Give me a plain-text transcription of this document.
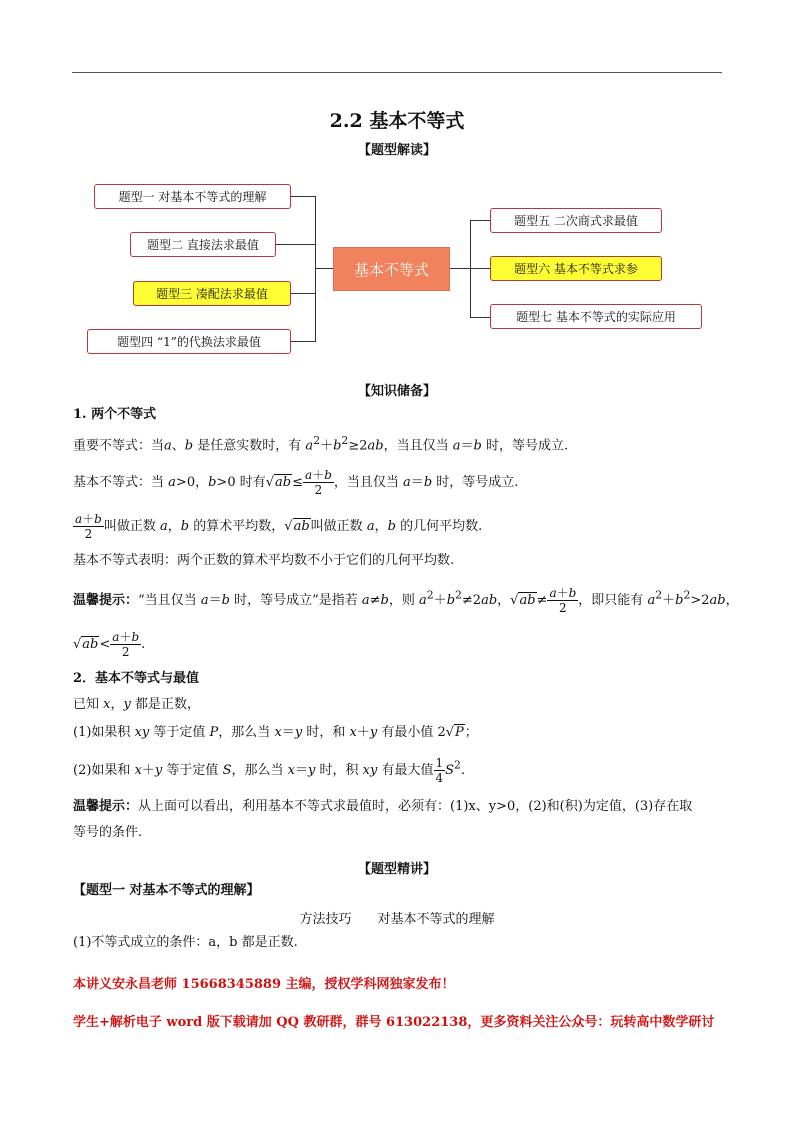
2.2 基本不等式
【题型解读】
题型一 对基本不等式的理解
题型二 直接法求最值
题型三 凑配法求最值
题型四 “1”的代换法求最值
基本不等式
题型五 二次商式求最值
题型六 基本不等式求参
题型七 基本不等式的实际应用
【知识储备】
1. 两个不等式
重要不等式：当a、b 是任意实数时，有 $a^2+b^2\ge 2ab$，当且仅当 a＝b 时，等号成立.
基本不等式：当 a>0，b>0 时有$√ab\le \frac{a+b}{2}$ ，当且仅当 a＝b 时，等号成立.
$\frac{a+b}{2}$ 叫做正数 a，b 的算术平均数，√ab叫做正数 a，b 的几何平均数.
基本不等式表明：两个正数的算术平均数不小于它们的几何平均数.
温馨提示：“当且仅当 a＝b 时，等号成立”是指若 a≠b，则 $a^2+b^2\ne 2ab$，$√ab\ne \frac{a+b}{2}$ ，即只能有 $a^2+b^2>2ab$，
$√ab< \frac{a+b}{2}$ .
2．基本不等式与最值
已知 x，y 都是正数，
(1)如果积 xy 等于定值 P，那么当 x＝y 时，和 x＋y 有最小值 2√P；
(2)如果和 x＋y 等于定值 S，那么当 x＝y 时，积 xy 有最大值 $\frac{1}{4} S^2$.
温馨提示：从上面可以看出，利用基本不等式求最值时，必须有：(1)x、y>0，(2)和(积)为定值，(3)存在取
等号的条件.
【题型精讲】
【题型一 对基本不等式的理解】
方法技巧　　对基本不等式的理解
(1)不等式成立的条件：a，b 都是正数.
本讲义安永昌老师 15668345889 主编，授权学科网独家发布！
学生+解析电子 word 版下载请加 QQ 教研群，群号 613022138，更多资料关注公众号：玩转高中数学研讨
